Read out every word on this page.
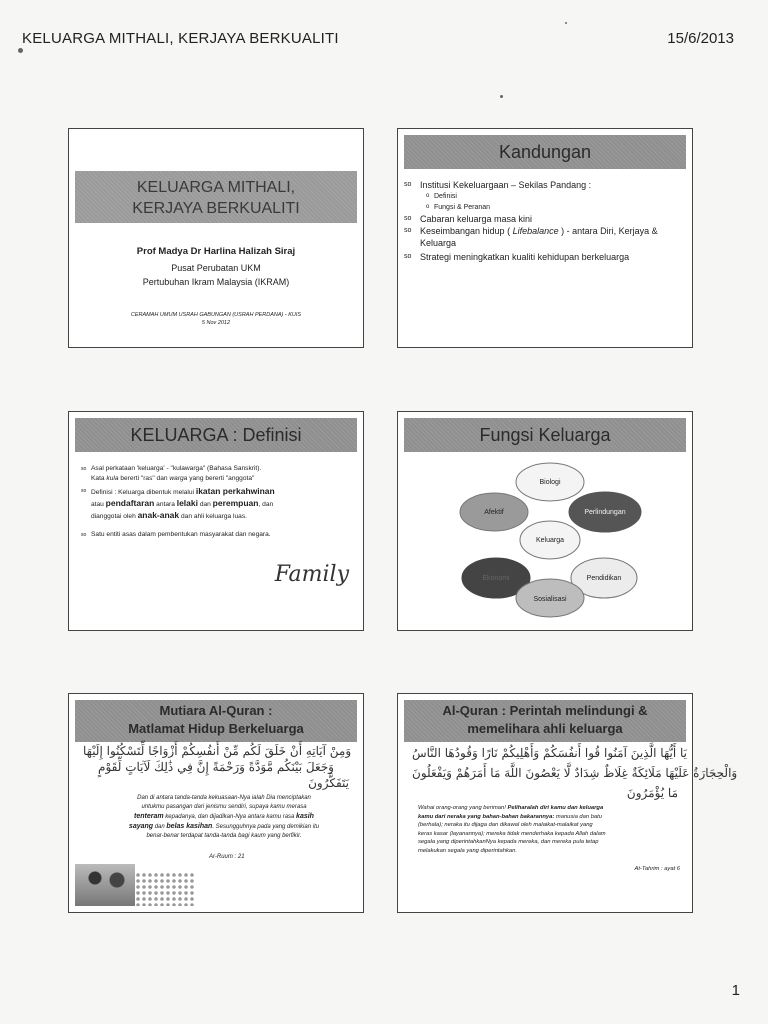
KELUARGA MITHALI, KERJAYA BERKUALITI	15/6/2013
KELUARGA MITHALI,
KERJAYA BERKUALITI
Prof Madya Dr Harlina Halizah Siraj
Pusat Perubatan UKM
Pertubuhan Ikram Malaysia (IKRAM)
CERAMAH UMUM USRAH GABUNGAN (USRAH PERDANA) - KUIS
5 Nov 2012
Kandungan
so Institusi Kekeluargaan – Sekilas Pandang :
o Definisi
o Fungsi & Peranan
so Cabaran keluarga masa kini
so Keseimbangan hidup ( Lifebalance ) - antara Diri, Kerjaya & Keluarga
so Strategi meningkatkan kualiti kehidupan berkeluarga
KELUARGA : Definisi

so Asal perkataan 'keluarga' - "kulawarga" (Bahasa Sanskrit).
Kata kula bererti "ras" dan warga yang bererti "anggota"

so Definisi : Keluarga dibentuk melalui ikatan perkahwinan
atau pendaftaran antara lelaki dan perempuan, dan
dianggotai oleh anak-anak dan ahli keluarga luas.

so Satu entiti asas dalam pembentukan masyarakat dan negara.

Family
Fungsi Keluarga
Biologi
Afektif	Perlindungan
Keluarga
Ekonomi	Pendidikan
Sosialisasi
Mutiara Al-Quran :
Matlamat Hidup Berkeluarga
وَمِنْ آيَاتِهِ أَنْ خَلَقَ لَكُم مِّنْ أَنفُسِكُمْ أَزْوَاجًا لِّتَسْكُنُوا إِلَيْهَا
وَجَعَلَ بَيْنَكُم مَّوَدَّةً وَرَحْمَةً إِنَّ فِي ذَٰلِكَ لَآيَاتٍ لِّقَوْمٍ
يَتَفَكَّرُونَ
Dan di antara tanda-tanda kekuasaan-Nya ialah Dia menciptakan
untukmu pasangan dari jenismu sendiri, supaya kamu merasa
tenteram kepadanya, dan dijadikan-Nya antara kamu rasa kasih
sayang dan belas kasihan. Sesungguhnya pada yang demikian itu
benar-benar terdapat tanda-tanda bagi kaum yang berfikir.
Ar-Ruum : 21
Al-Quran : Perintah melindungi &
memelihara ahli keluarga
يَا أَيُّهَا الَّذِينَ آمَنُوا قُوا أَنفُسَكُمْ وَأَهْلِيكُمْ نَارًا وَقُودُهَا النَّاسُ
وَالْحِجَارَةُ عَلَيْهَا مَلَائِكَةٌ غِلَاظٌ شِدَادٌ لَّا يَعْصُونَ اللَّهَ مَا أَمَرَهُمْ وَيَفْعَلُونَ
مَا يُؤْمَرُونَ
Wahai orang-orang yang beriman! Peliharalah diri kamu dan keluarga
kamu dari neraka yang bahan-bahan bakarannya: manusia dan batu
(berhala); neraka itu dijaga dan dikawal oleh malaikat-malaikat yang
keras kasar (layanannya); mereka tidak menderhaka kepada Allah dalam
segala yang diperintahkanNya kepada mereka, dan mereka pula tetap
melakukan segala yang diperintahkan.
At-Tahrim : ayat 6
1
